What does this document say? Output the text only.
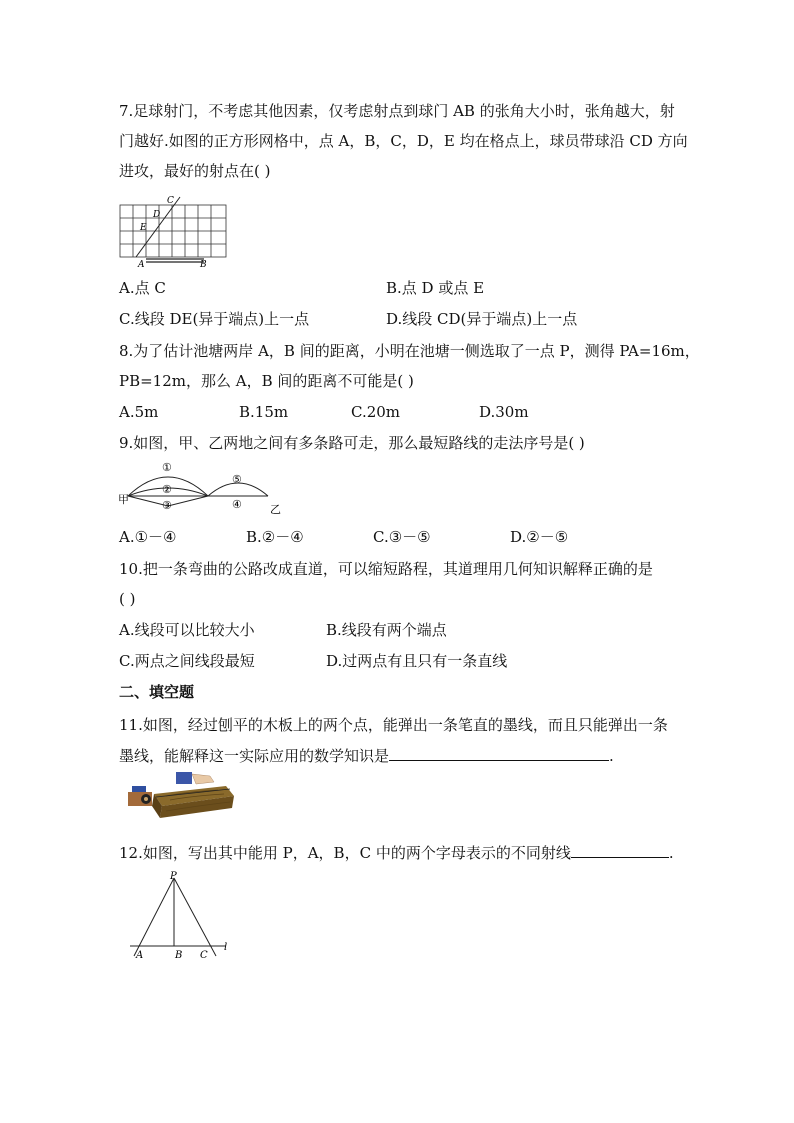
7.足球射门，不考虑其他因素，仅考虑射点到球门 AB 的张角大小时，张角越大，射
门越好.如图的正方形网格中，点 A，B，C，D，E 均在格点上，球员带球沿 CD 方向
进攻，最好的射点在( )
C
D
E
A	B
A.点 C	B.点 D 或点 E
C.线段 DE(异于端点)上一点	D.线段 CD(异于端点)上一点
8.为了估计池塘两岸 A，B 间的距离，小明在池塘一侧选取了一点 P，测得 PA=16m，
PB=12m，那么 A，B 间的距离不可能是( )
A.5m	B.15m	C.20m	D.30m
9.如图，甲、乙两地之间有多条路可走，那么最短路线的走法序号是( )
甲
乙
①
②
③
⑤
④
A.①－④	B.②－④	C.③－⑤	D.②－⑤
10.把一条弯曲的公路改成直道，可以缩短路程，其道理用几何知识解释正确的是
( )
A.线段可以比较大小	B.线段有两个端点
C.两点之间线段最短	D.过两点有且只有一条直线
二、填空题
11.如图，经过刨平的木板上的两个点，能弹出一条笔直的墨线，而且只能弹出一条
墨线，能解释这一实际应用的数学知识是	.
12.如图，写出其中能用 P，A，B，C 中的两个字母表示的不同射线	.
P
A	B C
l
